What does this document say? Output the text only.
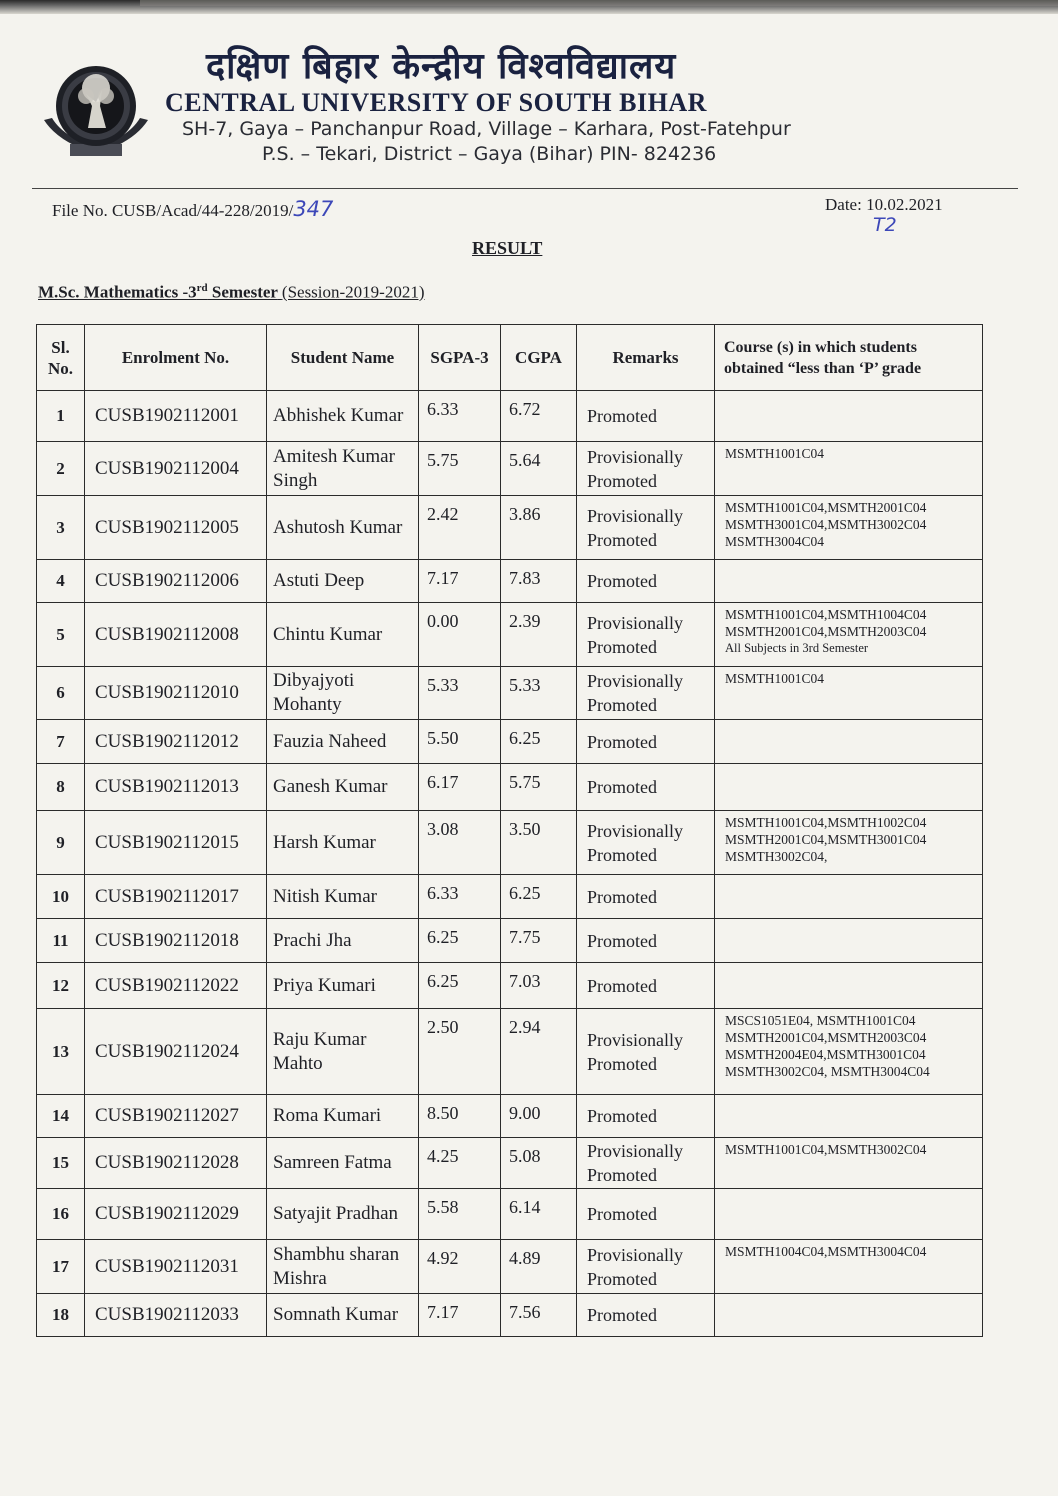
दक्षिण बिहार केन्द्रीय विश्वविद्यालय
CENTRAL UNIVERSITY OF SOUTH BIHAR
SH-7, Gaya – Panchanpur Road, Village – Karhara, Post-Fatehpur
P.S. – Tekari, District – Gaya (Bihar) PIN- 824236
File No. CUSB/Acad/44-228/2019/347	Date: 10.02.2021
T2
RESULT
M.Sc. Mathematics -3rd Semester (Session-2019-2021)
Sl. No.	Enrolment No.	Student Name	SGPA-3	CGPA	Remarks	Course (s) in which students obtained “less than ‘P’ grade
1	CUSB1902112001	Abhishek Kumar	6.33	6.72	Promoted	
2	CUSB1902112004	Amitesh Kumar Singh	5.75	5.64	Provisionally Promoted	MSMTH1001C04

3	CUSB1902112005	Ashutosh Kumar	2.42	3.86	Provisionally Promoted	MSMTH1001C04,MSMTH2001C04
MSMTH3001C04,MSMTH3002C04
MSMTH3004C04

4	CUSB1902112006	Astuti Deep	7.17	7.83	Promoted	
5	CUSB1902112008	Chintu Kumar	0.00	2.39	Provisionally Promoted	MSMTH1001C04,MSMTH1004C04
MSMTH2001C04,MSMTH2003C04
All Subjects in 3rd Semester

6	CUSB1902112010	Dibyajyoti Mohanty	5.33	5.33	Provisionally Promoted	MSMTH1001C04

7	CUSB1902112012	Fauzia Naheed	5.50	6.25	Promoted	
8	CUSB1902112013	Ganesh Kumar	6.17	5.75	Promoted	
9	CUSB1902112015	Harsh Kumar	3.08	3.50	Provisionally Promoted	MSMTH1001C04,MSMTH1002C04
MSMTH2001C04,MSMTH3001C04
MSMTH3002C04,

10	CUSB1902112017	Nitish Kumar	6.33	6.25	Promoted	
11	CUSB1902112018	Prachi Jha	6.25	7.75	Promoted	
12	CUSB1902112022	Priya Kumari	6.25	7.03	Promoted	
13	CUSB1902112024	Raju Kumar Mahto	2.50	2.94	Provisionally Promoted	MSCS1051E04, MSMTH1001C04
MSMTH2001C04,MSMTH2003C04
MSMTH2004E04,MSMTH3001C04
MSMTH3002C04, MSMTH3004C04

14	CUSB1902112027	Roma Kumari	8.50	9.00	Promoted	
15	CUSB1902112028	Samreen Fatma	4.25	5.08	Provisionally Promoted	MSMTH1001C04,MSMTH3002C04

16	CUSB1902112029	Satyajit Pradhan	5.58	6.14	Promoted	
17	CUSB1902112031	Shambhu sharan Mishra	4.92	4.89	Provisionally Promoted	MSMTH1004C04,MSMTH3004C04

18	CUSB1902112033	Somnath Kumar	7.17	7.56	Promoted	
